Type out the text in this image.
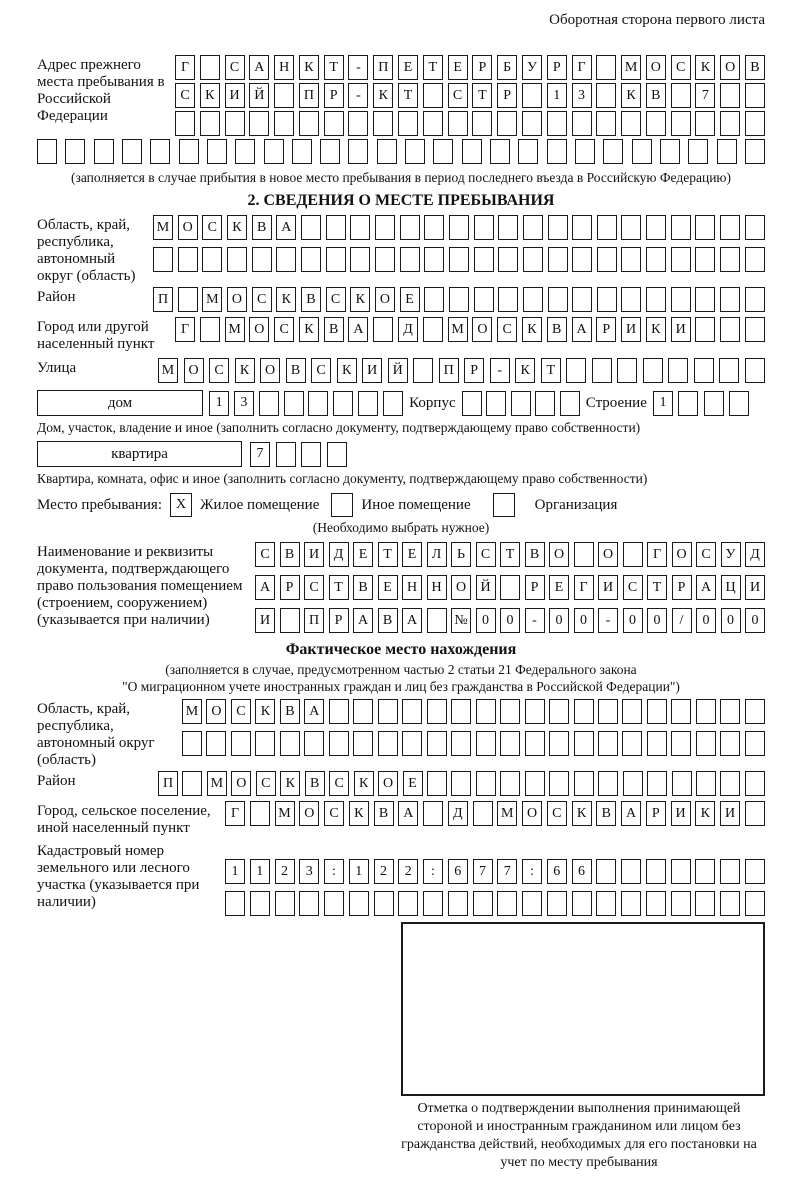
Оборотная сторона первого листа
Адрес прежнего места пребывания в Российской Федерации
Г	С	А	Н	К	Т	-	П	Е	Т	Е	Р	Б	У	Р	Г	М О	С	К	О	В
С	К	И	Й	П	Р	-	К	Т	С	Т	Р	1	3	К	В	7
(заполняется в случае прибытия в новое место пребывания в период последнего въезда в Российскую Федерацию)
2. СВЕДЕНИЯ О МЕСТЕ ПРЕБЫВАНИЯ
Область, край, республика, автономный округ (область)
М О	С	К	В	А
Район	П	М О	С	К	В	С	К	О	Е
Город или другой населенный пункт
Г	М О	С	К	В	А	Д	М О	С	К	В	А	Р	И	К	И
Улица	М	О	С	К	О	В	С	К	И	Й	П	Р	-	К	Т
дом	1	3	Корпус	Строение 1
Дом, участок, владение и иное (заполнить согласно документу, подтверждающему право собственности)
квартира	7
Квартира, комната, офис и иное (заполнить согласно документу, подтверждающему право собственности)
Место пребывания: X Жилое помещение	Иное помещение	Организация
(Необходимо выбрать нужное)
Наименование и реквизиты документа, подтверждающего право пользования помещением (строением, сооружением) (указывается при наличии)
С	В	И	Д	Е	Т	Е	Л	Ь	С	Т	В	О	О	Г	О	С	У	Д
А	Р	С	Т	В	Е	Н	Н	О	Й	Р	Е	Г	И	С	Т	Р	А	Ц	И
И	П	Р	А	В	А	№	0	0	-	0	0	-	0	0	/	0	0	0
Фактическое место нахождения
(заполняется в случае, предусмотренном частью 2 статьи 21 Федерального закона
"О миграционном учете иностранных граждан и лиц без гражданства в Российской Федерации")
Область, край, республика, автономный округ (область)
М О	С	К	В	А
Район	П	М О	С	К	В	С	К	О	Е
Город, сельское поселение, иной населенный пункт
Г	М О	С	К	В	А	Д	М О	С	К	В	А	Р	И	К	И
Кадастровый номер земельного или лесного участка (указывается при наличии)
1	1	2	3	:	1	2	2	:	6	7	7	:	6	6
Отметка о подтверждении выполнения принимающей стороной и иностранным гражданином или лицом без гражданства действий, необходимых для его постановки на учет по месту пребывания
